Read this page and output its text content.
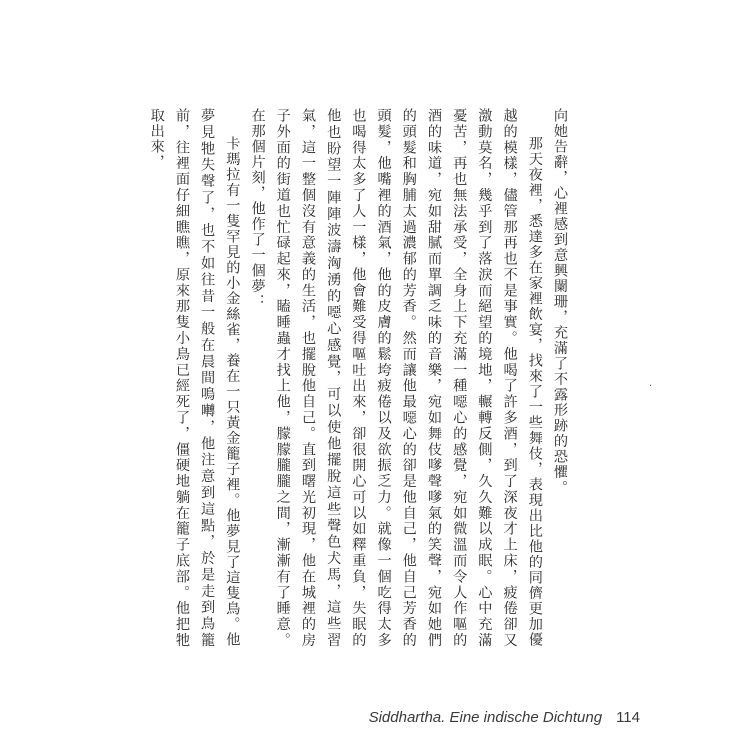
向她告辭，心裡感到意興闌珊，充滿了不露形跡的恐懼。
那天夜裡，悉達多在家裡飲宴，找來了一些舞伎，表現出比他的同儕更加優越的模樣，儘管那再也不是事實。他喝了許多酒，到了深夜才上床，疲倦卻又激動莫名，幾乎到了落淚而絕望的境地，輾轉反側，久久難以成眠。心中充滿憂苦，再也無法承受，全身上下充滿一種噁心的感覺，宛如微溫而令人作嘔的酒的味道，宛如甜膩而單調乏味的音樂，宛如舞伎嗲聲嗲氣的笑聲，宛如她們的頭髮和胸脯太過濃郁的芳香。然而讓他最噁心的卻是他自己，他自己芳香的頭髮，他嘴裡的酒氣，他的皮膚的鬆垮疲倦以及欲振乏力。就像一個吃得太多也喝得太多了人一樣，他會難受得嘔吐出來，卻很開心可以如釋重負，失眠的他也盼望一陣陣波濤洶湧的噁心感覺，可以使他擺脫這些聲色犬馬，這些習氣，這一整個沒有意義的生活，也擺脫他自己。直到曙光初現，他在城裡的房子外面的街道也忙碌起來，瞌睡蟲才找上他，朦朦朧朧之間，漸漸有了睡意。在那個片刻，他作了一個夢：
卡瑪拉有一隻罕見的小金絲雀，養在一只黃金籠子裡。他夢見了這隻鳥。他夢見牠失聲了，也不如往昔一般在晨間鳴囀，他注意到這點，於是走到鳥籠前，往裡面仔細瞧瞧，原來那隻小鳥已經死了，僵硬地躺在籠子底部。他把牠取出來，
.
Siddhartha. Eine indische Dichtung 114
